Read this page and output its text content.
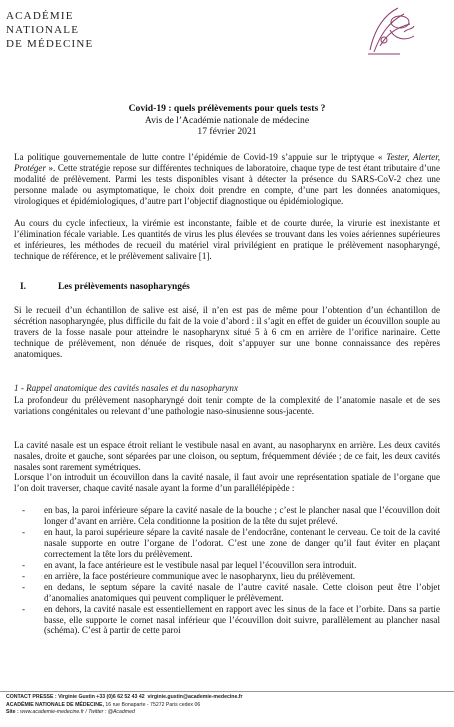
ACADÉMIE
NATIONALE
DE MÉDECINE
Covid-19 : quels prélèvements pour quels tests ?
Avis de l’Académie nationale de médecine
17 février 2021
La politique gouvernementale de lutte contre l’épidémie de Covid-19 s’appuie sur le triptyque « Tester, Alerter, Protéger ». Cette stratégie repose sur différentes techniques de laboratoire, chaque type de test étant tributaire d’une modalité de prélèvement. Parmi les tests disponibles visant à détecter la présence du SARS-CoV-2 chez une personne malade ou asymptomatique, le choix doit prendre en compte, d’une part les données anatomiques, virologiques et épidémiologiques, d’autre part l’objectif diagnostique ou épidémiologique.
Au cours du cycle infectieux, la virémie est inconstante, faible et de courte durée, la virurie est inexistante et l’élimination fécale variable. Les quantités de virus les plus élevées se trouvant dans les voies aériennes supérieures et inférieures, les méthodes de recueil du matériel viral privilégient en pratique le prélèvement nasopharyngé, technique de référence, et le prélèvement salivaire [1].
I.	Les prélèvements nasopharyngés
Si le recueil d’un échantillon de salive est aisé, il n’en est pas de même pour l’obtention d’un échantillon de sécrétion nasopharyngée, plus difficile du fait de la voie d’abord : il s’agit en effet de guider un écouvillon souple au travers de la fosse nasale pour atteindre le nasopharynx situé 5 à 6 cm en arrière de l’orifice narinaire. Cette technique de prélèvement, non dénuée de risques, doit s’appuyer sur une bonne connaissance des repères anatomiques.
1 - Rappel anatomique des cavités nasales et du nasopharynx
La profondeur du prélèvement nasopharyngé doit tenir compte de la complexité de l’anatomie nasale et de ses variations congénitales ou relevant d’une pathologie naso-sinusienne sous-jacente.
La cavité nasale est un espace étroit reliant le vestibule nasal en avant, au nasopharynx en arrière. Les deux cavités nasales, droite et gauche, sont séparées par une cloison, ou septum, fréquemment déviée ; de ce fait, les deux cavités nasales sont rarement symétriques.
Lorsque l’on introduit un écouvillon dans la cavité nasale, il faut avoir une représentation spatiale de l’organe que l’on doit traverser, chaque cavité nasale ayant la forme d’un parallélépipède :
- en bas, la paroi inférieure sépare la cavité nasale de la bouche ; c’est le plancher nasal que l’écouvillon doit longer d’avant en arrière. Cela conditionne la position de la tête du sujet prélevé.
- en haut, la paroi supérieure sépare la cavité nasale de l’endocrâne, contenant le cerveau. Ce toit de la cavité nasale supporte en outre l’organe de l’odorat. C’est une zone de danger qu’il faut éviter en plaçant correctement la tête lors du prélèvement.
- en avant, la face antérieure est le vestibule nasal par lequel l’écouvillon sera introduit.
- en arrière, la face postérieure communique avec le nasopharynx, lieu du prélèvement.
- en dedans, le septum sépare la cavité nasale de l’autre cavité nasale. Cette cloison peut être l’objet d’anomalies anatomiques qui peuvent compliquer le prélèvement.
- en dehors, la cavité nasale est essentiellement en rapport avec les sinus de la face et l’orbite. Dans sa partie basse, elle supporte le cornet nasal inférieur que l’écouvillon doit suivre, parallèlement au plancher nasal (schéma). C’est à partir de cette paroi
CONTACT PRESSE : Virginie Gustin +33 (0)6 62 52 43 42 virginie.gustin@academie-medecine.fr
ACADÉMIE NATIONALE DE MÉDECINE, 16 rue Bonaparte - 75272 Paris cedex 06
Site : www.academie-medecine.fr / Twitter : @Acadmed
